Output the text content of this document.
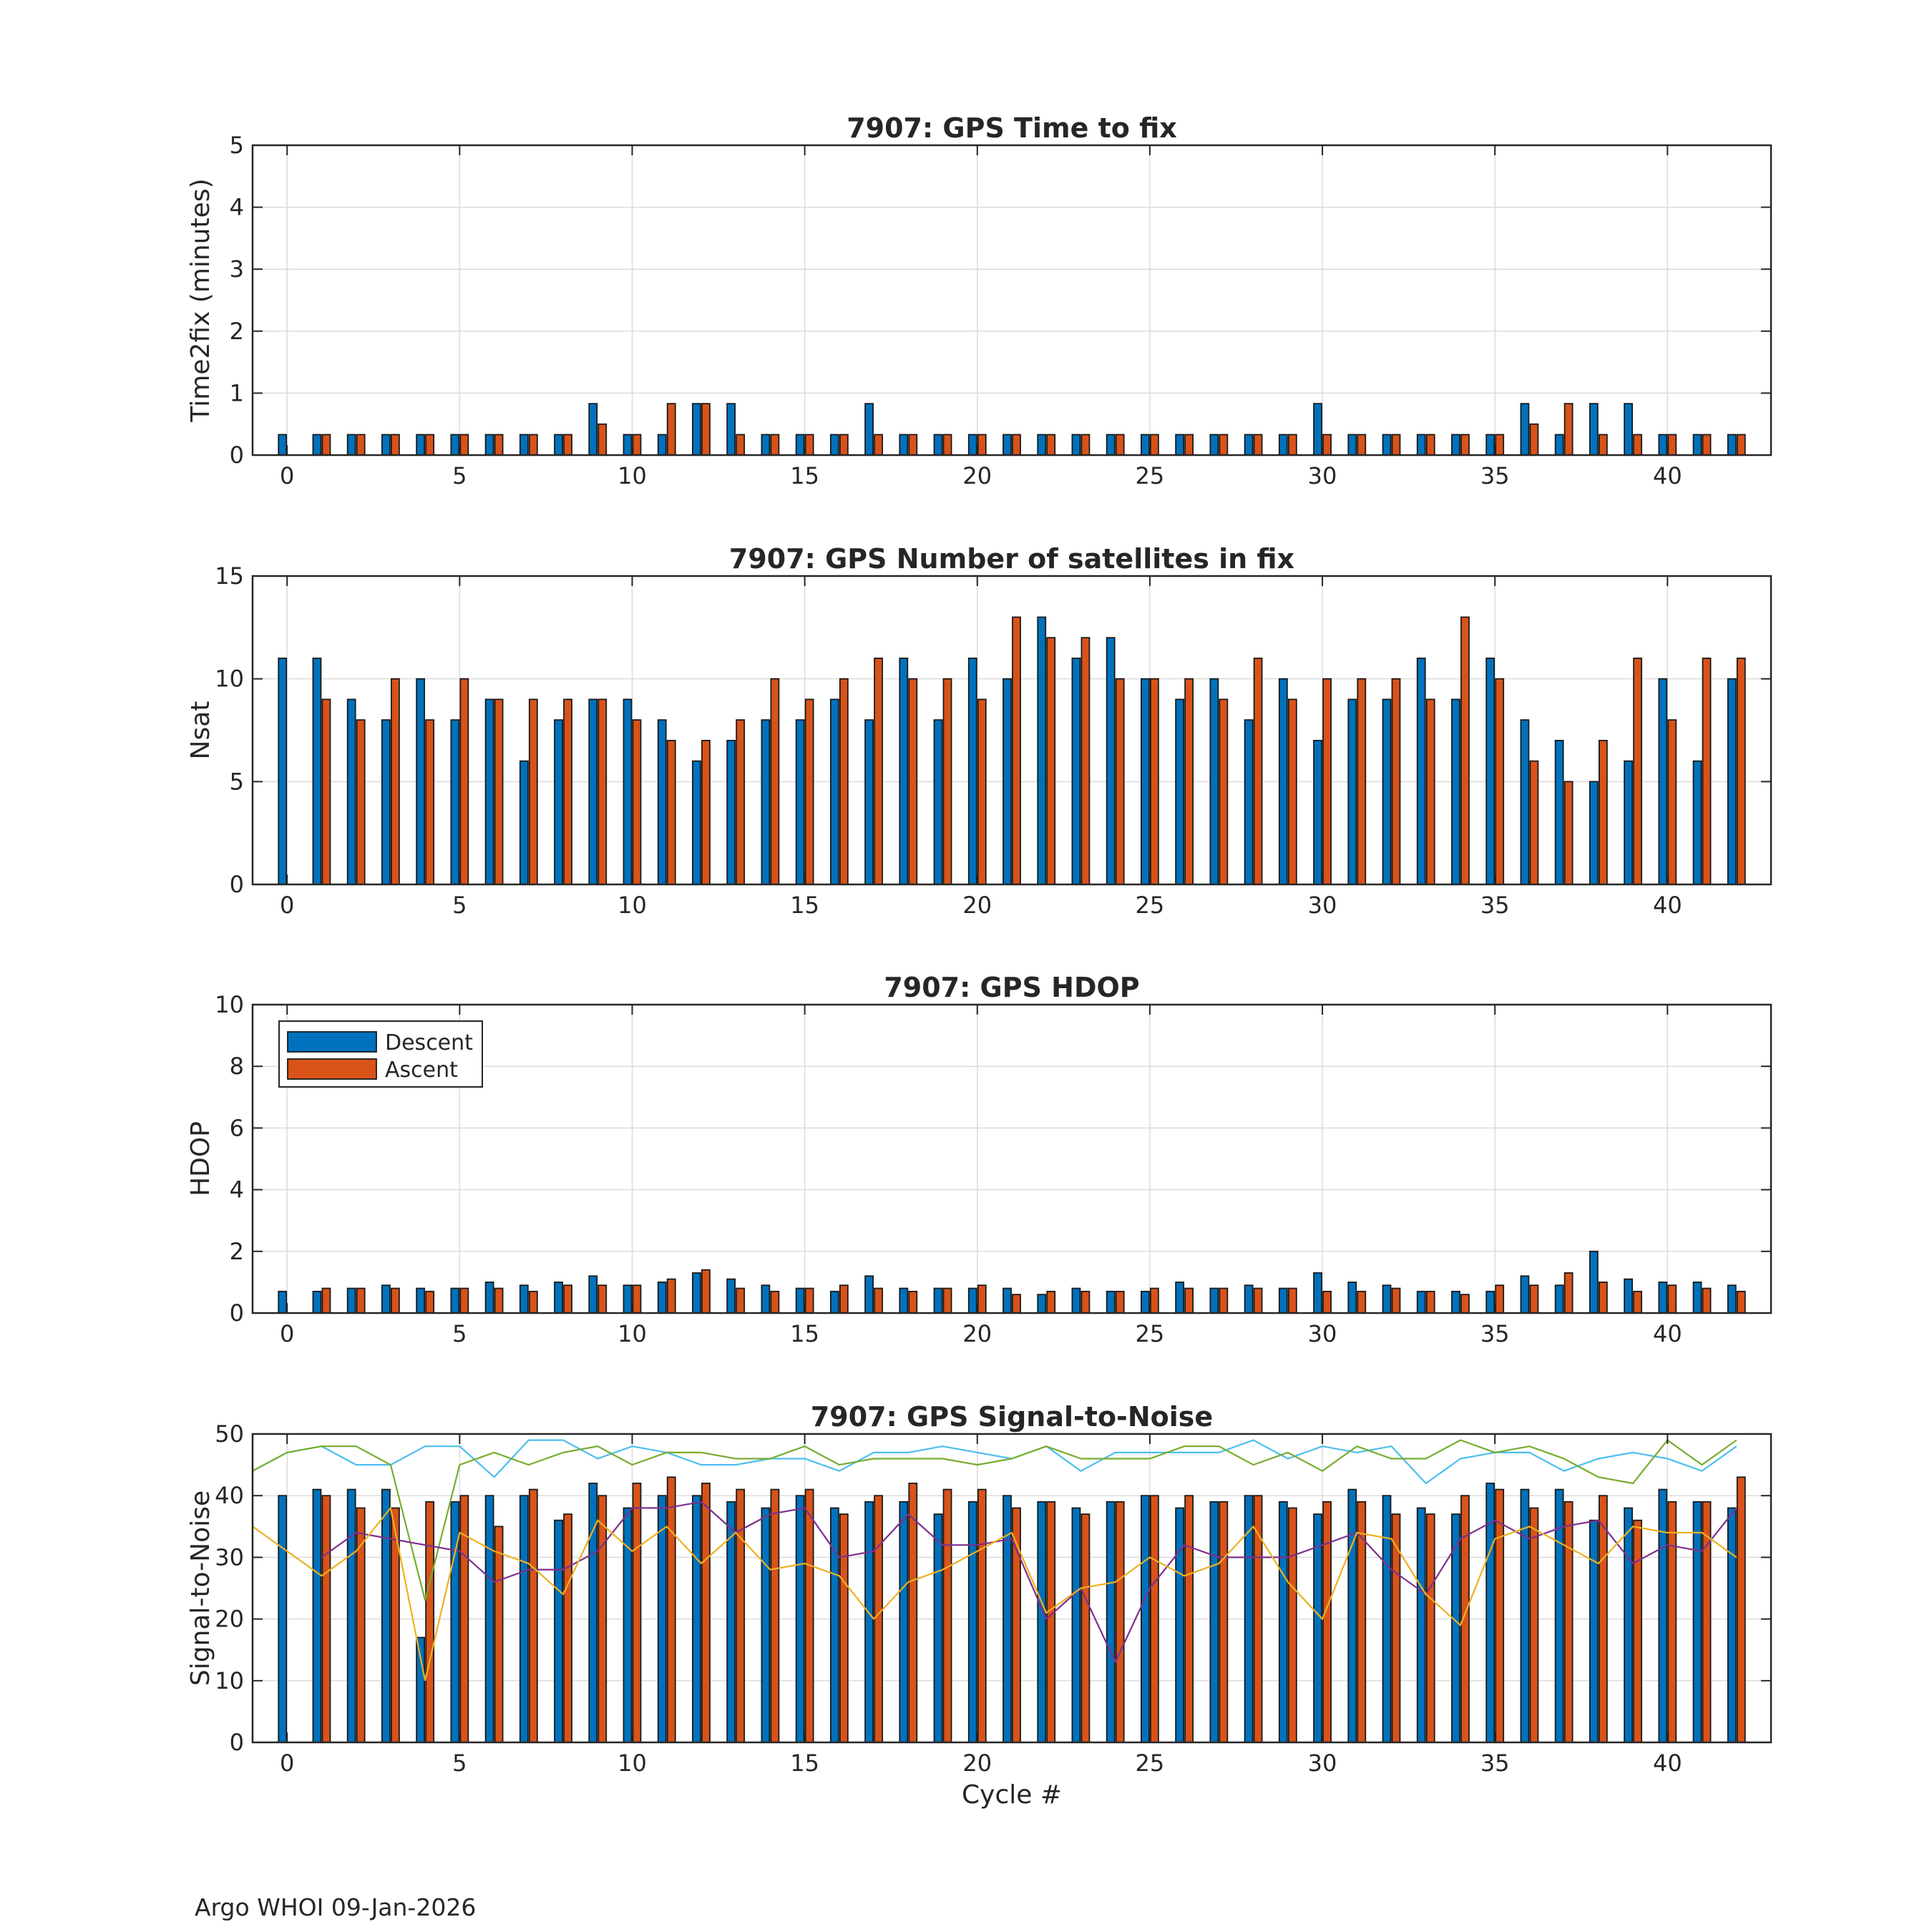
0	5	10	15	20	25	30	35	40
0
1
2
3
4
5
7907: GPS Time to fix
Time2fix (minutes)
0	5	10	15	20	25	30	35	40
0
5
10
15
7907: GPS Number of satellites in fix
Nsat
0	5	10	15	20	25	30	35	40
0
2
4
6
8
10
7907: GPS HDOP
HDOP
0	5	10	15	20	25	30	35	40
0
10
20
30
40
50
7907: GPS Signal-to-Noise
Signal-to-Noise
Cycle #
Argo WHOI 09-Jan-2026
Descent
Ascent
